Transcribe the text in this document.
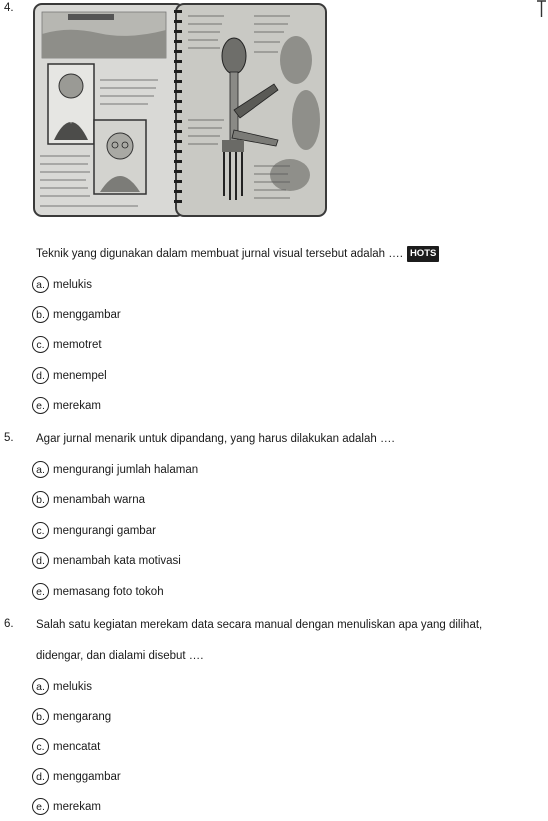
4.
Teknik yang digunakan dalam membuat jurnal visual tersebut adalah …. HOTS
a. melukis
b. menggambar
c. memotret
d. menempel
e. merekam
5. Agar jurnal menarik untuk dipandang, yang harus dilakukan adalah ….
a. mengurangi jumlah halaman
b. menambah warna
c. mengurangi gambar
d. menambah kata motivasi
e. memasang foto tokoh
6. Salah satu kegiatan merekam data secara manual dengan menuliskan apa yang dilihat,
didengar, dan dialami disebut ….
a. melukis
b. mengarang
c. mencatat
d. menggambar
e. merekam
